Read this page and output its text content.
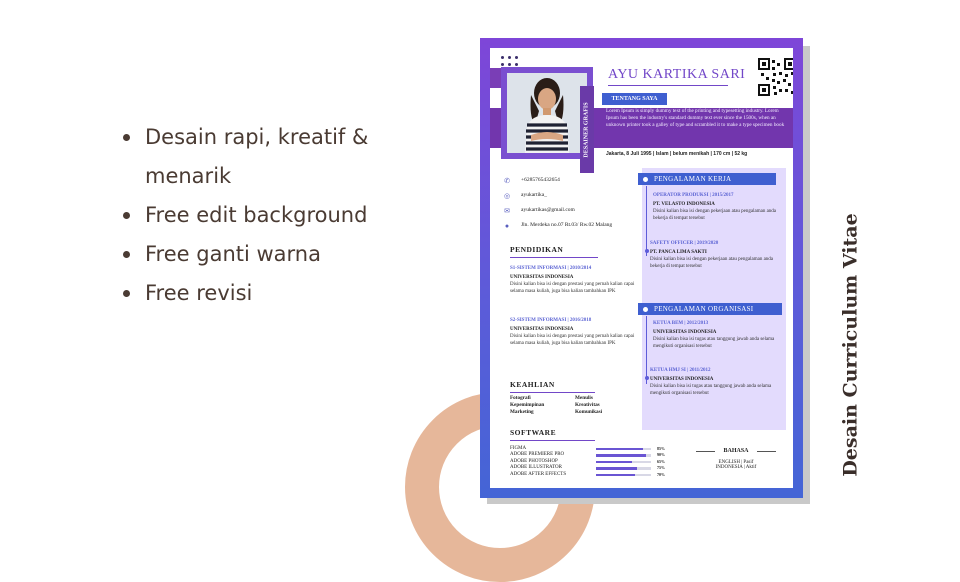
Desain rapi, kreatif & menarik
Free edit background
Free ganti warna
Free revisi	Desain Curriculum Vitae
DESAINER GRAFIS
AYU KARTIKA SARI
TENTANG SAYA
Lorem Ipsum is simply dummy text of the printing and typesetting industry. Lorem Ipsum has been the industry's standard dummy text ever since the 1500s, when an unknown printer took a galley of type and scrambled it to make a type specimen book
Jakarta, 8 Juli 1995 | Islam | belum menikah | 170 cm | 52 kg
✆	+6285765432654
◎	ayukartika_
✉	ayukartikas@gmail.com
●	Jln. Merdeka no.07 Rt.03/ Rw.02 Malang
PENDIDIKAN
S1-SISTEM INFORMASI | 2010/2014
UNIVERSITAS INDONESIA
Disini kalian bisa isi dengan prestasi yang pernah kalian capai selama masa kuliah, juga bisa kalian tambahkan IPK
S2-SISTEM INFORMASI | 2016/2018
UNIVERSITAS INDONESIA
Disini kalian bisa isi dengan prestasi yang pernah kalian capai selama masa kuliah, juga bisa kalian tambahkan IPK
KEAHLIAN
Fotografi	Menulis
Kepemimpinan	Kreativitas
Marketing	Komunikasi
SOFTWARE
FIGMA	85%
ADOBE PREMIERE PRO	90%
ADOBE PHOTOSHOP	65%
ADOBE ILLUSTRATOR	75%
ADOBE AFTER EFFECTS	70%
BAHASA
ENGLISH | Pasif
INDONESIA | Aktif
PENGALAMAN KERJA
OPERATOR PRODUKSI | 2015/2017
PT. VELASTO INDONESIA
Disini kalian bisa isi dengan pekerjaan atau pengalaman anda bekerja di tempat tersebut
SAFETY OFFICER | 2019/2020
PT. PANCA LIMA SAKTI
Disini kalian bisa isi dengan pekerjaan atau pengalaman anda bekerja di tempat tersebut
PENGALAMAN ORGANISASI
KETUA BEM | 2012/2013
UNIVERSITAS INDONESIA
Disini kalian bisa isi tugas atau tanggung jawab anda selama mengikuti organisasi tersebut
KETUA HMJ SI | 2011/2012
UNIVERSITAS INDONESIA
Disini kalian bisa isi tugas atau tanggung jawab anda selama mengikuti organisasi tersebut
